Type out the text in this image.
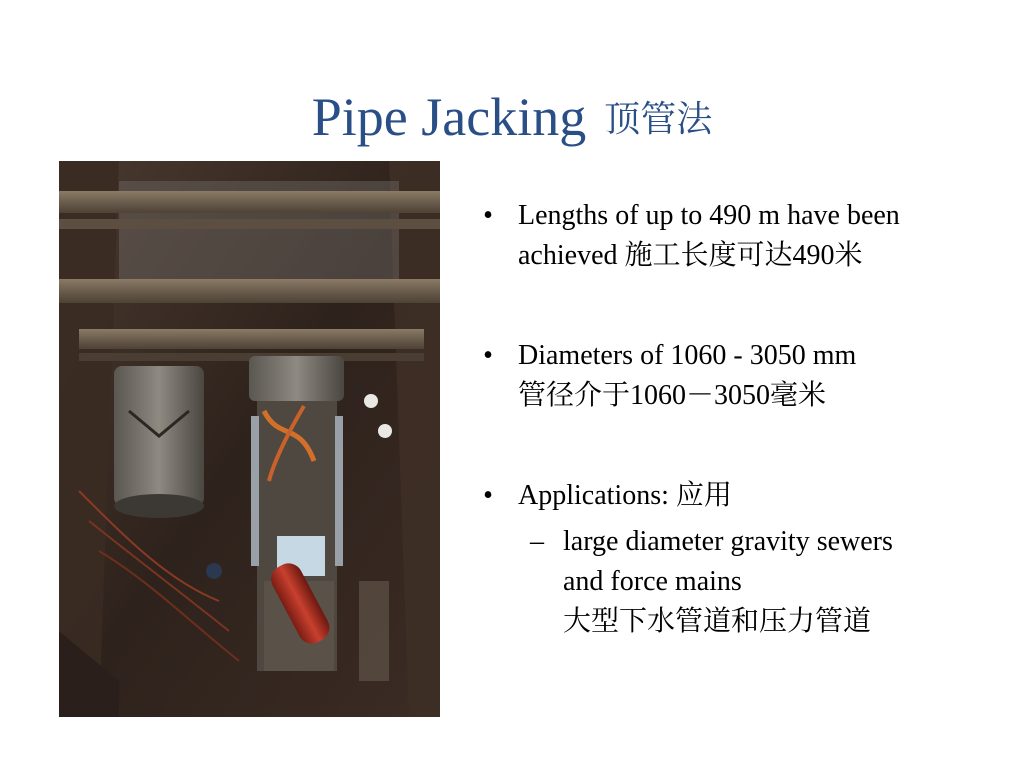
Pipe Jacking 顶管法
• Lengths of up to 490 m have been
achieved 施工长度可达490米
• Diameters of 1060 - 3050 mm
管径介于1060－3050毫米
• Applications: 应用
– large diameter gravity sewers
and force mains
大型下水管道和压力管道
